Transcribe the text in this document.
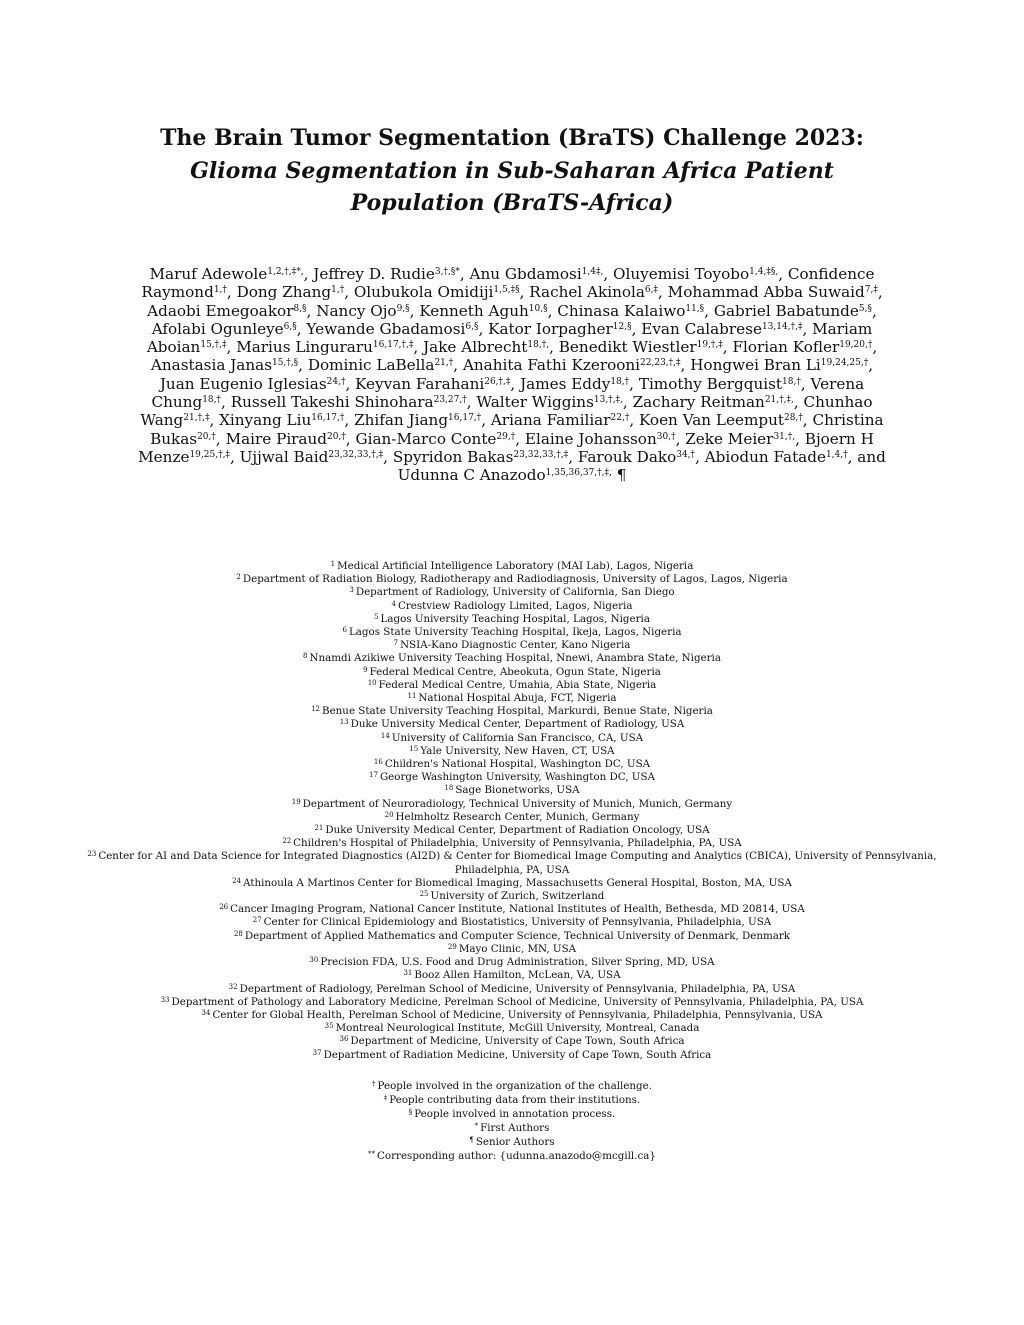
The Brain Tumor Segmentation (BraTS) Challenge 2023:
Glioma Segmentation in Sub-Saharan Africa Patient
Population (BraTS-Africa)
Maruf Adewole$^{1,2,\dagger,\ddagger*,}$, Jeffrey D. Rudie$^{3,\dagger,\S*}$, Anu Gbdamosi$^{1,4\ddagger,}$, Oluyemisi Toyobo$^{1,4,\ddagger\S,}$, Confidence Raymond$^{1,\dagger}$, Dong Zhang$^{1,\dagger}$, Olubukola Omidiji$^{1,5,\ddagger\S}$, Rachel Akinola$^{6,\ddagger}$, Mohammad Abba Suwaid$^{7,\ddagger}$, Adaobi Emegoakor$^{8,\S}$, Nancy Ojo$^{9,\S}$, Kenneth Aguh$^{10,\S}$, Chinasa Kalaiwo$^{11,\S}$, Gabriel Babatunde$^{5,\S}$, Afolabi Ogunleye$^{6,\S}$, Yewande Gbadamosi$^{6,\S}$, Kator Iorpagher$^{12,\S}$, Evan Calabrese$^{13,14,\dagger,\ddagger}$, Mariam Aboian$^{15,\dagger,\ddagger}$, Marius Linguraru$^{16,17,\dagger,\ddagger}$, Jake Albrecht$^{18,\dagger,}$, Benedikt Wiestler$^{19,\dagger,\ddagger}$, Florian Kofler$^{19,20,\dagger}$, Anastasia Janas$^{15,\dagger,\S}$, Dominic LaBella$^{21,\dagger}$, Anahita Fathi Kzerooni$^{22,23,\dagger,\ddagger}$, Hongwei Bran $Li^{19,24,25,\dagger}$, Juan Eugenio Iglesias$^{24,\dagger}$, Keyvan Farahani$^{26,\dagger,\ddagger}$, James Eddy$^{18,\dagger}$, Timothy Bergquist$^{18,\dagger}$, Verena Chung$^{18,\dagger}$, Russell Takeshi Shinohara$^{23,27,\dagger}$, Walter Wiggins$^{13,\dagger,\ddagger,}$, Zachary Reitman$^{21,\dagger,\ddagger,}$, Chunhao Wang$^{21,\dagger,\ddagger}$, Xinyang Liu$^{16,17,\dagger}$, Zhifan Jiang$^{16,17,\dagger}$, Ariana Familiar$^{22,\dagger}$, Koen Van Leemput$^{28,\dagger}$, Christina Bukas$^{20,\dagger}$, Maire Piraud$^{20,\dagger}$, Gian-Marco Conte$^{29,\dagger}$, Elaine Johansson$^{30,\dagger}$, Zeke Meier$^{31,\dagger,}$, Bjoern H Menze$^{19,25,\dagger,\ddagger}$, Ujjwal Baid$^{23,32,33,\dagger,\ddagger}$, Spyridon Bakas$^{23,32,33,\dagger,\ddagger}$, Farouk Dako$^{34,\dagger}$, Abiodun Fatade$^{1,4,\dagger}$, and Udunna C Anazodo$^{1,35,36,37,\dagger,\ddagger,}$ ¶
$^1$ Medical Artificial Intelligence Laboratory (MAI Lab), Lagos, Nigeria
$^2$ Department of Radiation Biology, Radiotherapy and Radiodiagnosis, University of Lagos, Lagos, Nigeria
$^3$ Department of Radiology, University of California, San Diego
$^4$ Crestview Radiology Limited, Lagos, Nigeria
$^5$ Lagos University Teaching Hospital, Lagos, Nigeria
$^6$ Lagos State University Teaching Hospital, Ikeja, Lagos, Nigeria
$^7$ NSIA-Kano Diagnostic Center, Kano Nigeria
$^8$ Nnamdi Azikiwe University Teaching Hospital, Nnewi, Anambra State, Nigeria
$^9$ Federal Medical Centre, Abeokuta, Ogun State, Nigeria
$^{10}$ Federal Medical Centre, Umahia, Abia State, Nigeria
$^{11}$ National Hospital Abuja, FCT, Nigeria
$^{12}$ Benue State University Teaching Hospital, Markurdi, Benue State, Nigeria
$^{13}$ Duke University Medical Center, Department of Radiology, USA
$^{14}$ University of California San Francisco, CA, USA
$^{15}$ Yale University, New Haven, CT, USA
$^{16}$ Children's National Hospital, Washington DC, USA
$^{17}$ George Washington University, Washington DC, USA
$^{18}$ Sage Bionetworks, USA
$^{19}$ Department of Neuroradiology, Technical University of Munich, Munich, Germany
$^{20}$ Helmholtz Research Center, Munich, Germany
$^{21}$ Duke University Medical Center, Department of Radiation Oncology, USA
$^{22}$ Children's Hospital of Philadelphia, University of Pennsylvania, Philadelphia, PA, USA
$^{23}$ Center for AI and Data Science for Integrated Diagnostics (AI2D) & Center for Biomedical Image Computing and Analytics (CBICA), University of Pennsylvania, Philadelphia, PA, USA
$^{24}$ Athinoula A Martinos Center for Biomedical Imaging, Massachusetts General Hospital, Boston, MA, USA
$^{25}$ University of Zurich, Switzerland
$^{26}$ Cancer Imaging Program, National Cancer Institute, National Institutes of Health, Bethesda, MD 20814, USA
$^{27}$ Center for Clinical Epidemiology and Biostatistics, University of Pennsylvania, Philadelphia, USA
$^{28}$ Department of Applied Mathematics and Computer Science, Technical University of Denmark, Denmark
$^{29}$ Mayo Clinic, MN, USA
$^{30}$ Precision FDA, U.S. Food and Drug Administration, Silver Spring, MD, USA
$^{31}$ Booz Allen Hamilton, McLean, VA, USA
$^{32}$ Department of Radiology, Perelman School of Medicine, University of Pennsylvania, Philadelphia, PA, USA
$^{33}$ Department of Pathology and Laboratory Medicine, Perelman School of Medicine, University of Pennsylvania, Philadelphia, PA, USA
$^{34}$ Center for Global Health, Perelman School of Medicine, University of Pennsylvania, Philadelphia, Pennsylvania, USA
$^{35}$ Montreal Neurological Institute, McGill University, Montreal, Canada
$^{36}$ Department of Medicine, University of Cape Town, South Africa
$^{37}$ Department of Radiation Medicine, University of Cape Town, South Africa
† People involved in the organization of the challenge.
‡ People contributing data from their institutions.
§ People involved in annotation process.
* First Authors
¶ Senior Authors
** Corresponding author: {udunna.anazodo@mcgill.ca}
